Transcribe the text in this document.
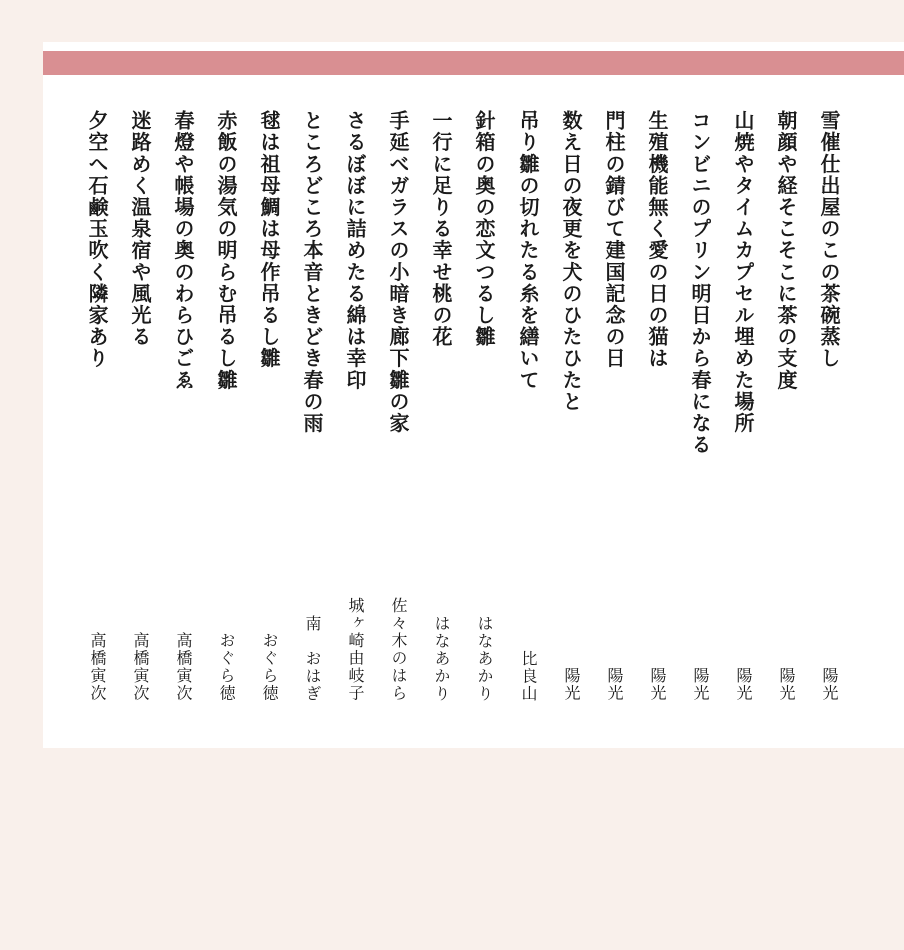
雪催仕出屋のこの茶碗蒸し
陽光
朝顔や経そこそこに茶の支度
陽光
山焼やタイムカプセル埋めた場所
陽光
コンビニのプリン明日から春になる
陽光
生殖機能無く愛の日の猫は
陽光
門柱の錆びて建国記念の日
陽光
数え日の夜更を犬のひたひたと
陽光
吊り雛の切れたる糸を繕いて
比良山
針箱の奥の恋文つるし雛
はなあかり
一行に足りる幸せ桃の花
はなあかり
手延べガラスの小暗き廊下雛の家
佐々木のはら
さるぼぼに詰めたる綿は幸印
城ヶ崎由岐子
ところどころ本音ときどき春の雨
南　おはぎ
毬は祖母鯛は母作吊るし雛
おぐら徳
赤飯の湯気の明らむ吊るし雛
おぐら徳
春燈や帳場の奥のわらひごゑ
高橋寅次
迷路めく温泉宿や風光る
高橋寅次
夕空へ石鹸玉吹く隣家あり
高橋寅次
